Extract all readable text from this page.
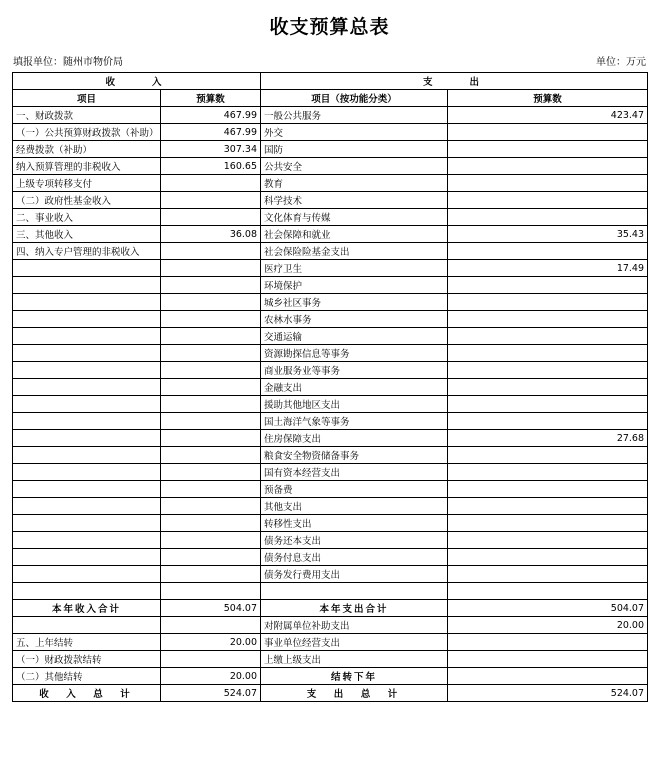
收支预算总表
填报单位：随州市物价局	单位：万元
收　　入		支　　出	
项目	预算数	项目（按功能分类）	预算数
一、财政拨款	467.99	一般公共服务	423.47
（一）公共预算财政拨款（补助）	467.99	外交	
经费拨款（补助）	307.34	国防	
纳入预算管理的非税收入	160.65	公共安全	
上级专项转移支付		教育	
（二）政府性基金收入		科学技术	
二、事业收入		文化体育与传媒	
三、其他收入	36.08	社会保障和就业	35.43
四、纳入专户管理的非税收入		社会保险险基金支出	
		医疗卫生	17.49
		环境保护	
		城乡社区事务	
		农林水事务	
		交通运输	
		资源勘探信息等事务	
		商业服务业等事务	
		金融支出	
		援助其他地区支出	
		国土海洋气象等事务	
		住房保障支出	27.68
		粮食安全物资储备事务	
		国有资本经营支出	
		预备费	
		其他支出	
		转移性支出	
		债务还本支出	
		债务付息支出	
		债务发行费用支出	

本年收入合计	504.07	本年支出合计	504.07
		对附属单位补助支出	20.00
五、上年结转	20.00	事业单位经营支出	
（一）财政拨款结转		上缴上级支出	
（二）其他结转	20.00	结转下年	
收　入　总　计	524.07	支　出　总　计	524.07
